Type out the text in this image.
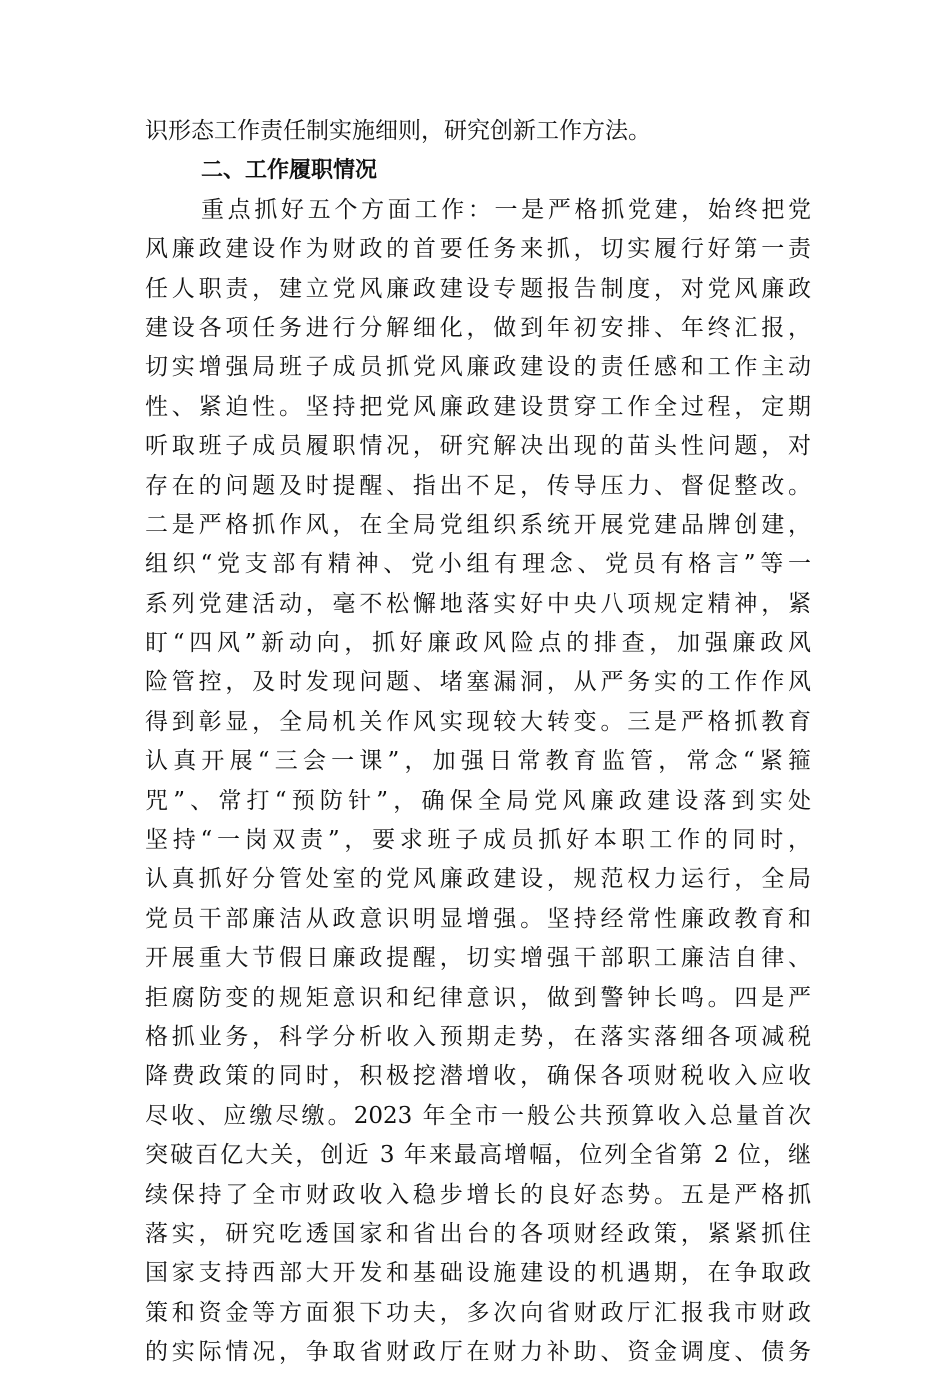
识形态工作责任制实施细则，研究创新工作方法。
二、工作履职情况
重点抓好五个方面工作：一是严格抓党建，始终把党
风廉政建设作为财政的首要任务来抓，切实履行好第一责
任人职责，建立党风廉政建设专题报告制度，对党风廉政
建设各项任务进行分解细化，做到年初安排、年终汇报，
切实增强局班子成员抓党风廉政建设的责任感和工作主动
性、紧迫性。坚持把党风廉政建设贯穿工作全过程，定期
听取班子成员履职情况，研究解决出现的苗头性问题，对
存在的问题及时提醒、指出不足，传导压力、督促整改。
二是严格抓作风，在全局党组织系统开展党建品牌创建，
组织“党支部有精神、党小组有理念、党员有格言”等一
系列党建活动，毫不松懈地落实好中央八项规定精神，紧
盯“四风”新动向，抓好廉政风险点的排查，加强廉政风
险管控，及时发现问题、堵塞漏洞，从严务实的工作作风
得到彰显，全局机关作风实现较大转变。三是严格抓教育
认真开展“三会一课”，加强日常教育监管，常念“紧箍
咒”、常打“预防针”，确保全局党风廉政建设落到实处
坚持“一岗双责”，要求班子成员抓好本职工作的同时，
认真抓好分管处室的党风廉政建设，规范权力运行，全局
党员干部廉洁从政意识明显增强。坚持经常性廉政教育和
开展重大节假日廉政提醒，切实增强干部职工廉洁自律、
拒腐防变的规矩意识和纪律意识，做到警钟长鸣。四是严
格抓业务，科学分析收入预期走势，在落实落细各项减税
降费政策的同时，积极挖潜增收，确保各项财税收入应收
尽收、应缴尽缴。2023 年全市一般公共预算收入总量首次
突破百亿大关，创近 3 年来最高增幅，位列全省第 2 位，继
续保持了全市财政收入稳步增长的良好态势。五是严格抓
落实，研究吃透国家和省出台的各项财经政策，紧紧抓住
国家支持西部大开发和基础设施建设的机遇期，在争取政
策和资金等方面狠下功夫，多次向省财政厅汇报我市财政
的实际情况，争取省财政厅在财力补助、资金调度、债务
